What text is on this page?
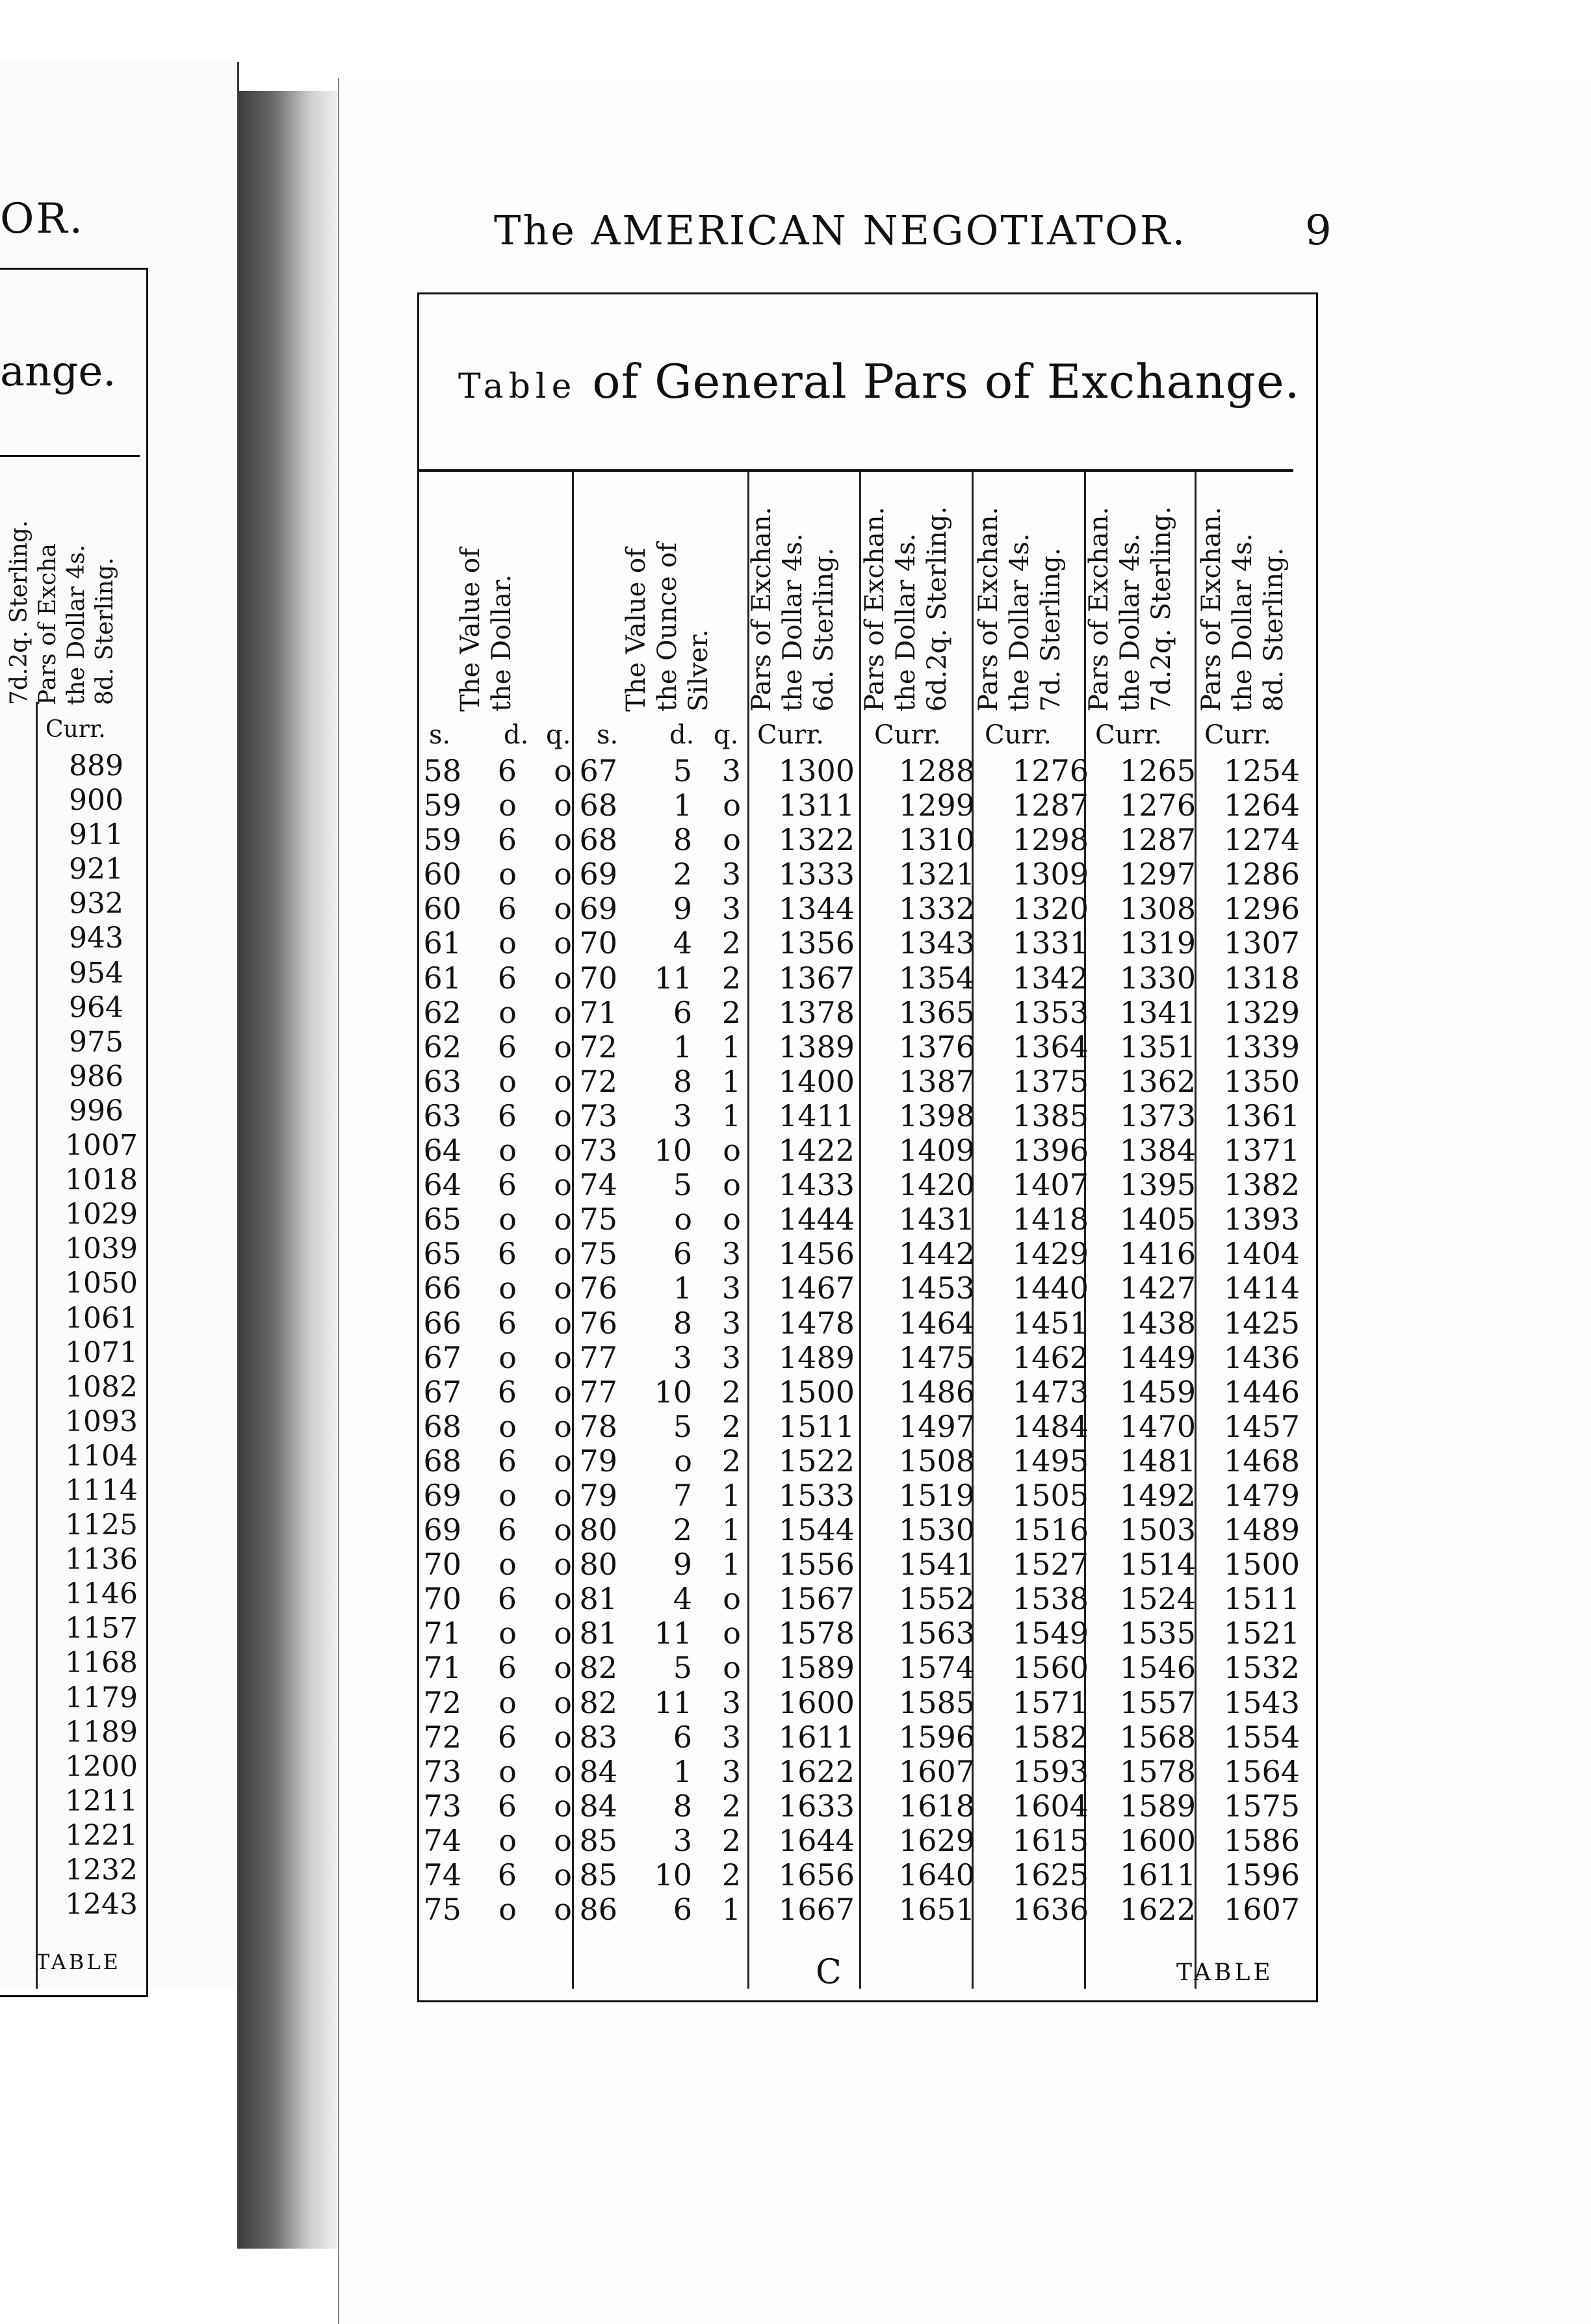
OR.
ange.
7d.2q. Sterling. Pars of Excha the Dollar 4s. 8d. Sterling.
Curr.
889
900
911
921
932
943
954
964
975
986
996
1007
1018
1029
1039
1050
1061
1071
1082
1093
1104
1114
1125
1136
1146
1157
1168
1179
1189
1200
1211
1221
1232
1243
TABLE
The AMERICAN NEGOTIATOR.	9
Table of General Pars of Exchange.
The Value of the Dollar.	The Value of the Ounce of Silver. Pars of Exchan. the Dollar 4s. 6d. Sterling. Pars of Exchan. the Dollar 4s. 6d.2q. Sterling. Pars of Exchan. the Dollar 4s. 7d. Sterling. Pars of Exchan. the Dollar 4s. 7d.2q. Sterling. Pars of Exchan. the Dollar 4s. 8d. Sterling.
s. d. q. s. d. q. Curr. Curr. Curr. Curr. Curr.
58	6 o 67	5 3	1300	1288	1276	1265 1254
59	o o 68	1 o	1311	1299	1287	1276 1264
59	6 o 68	8 o	1322	1310	1298	1287 1274
60	o o 69	2 3	1333	1321	1309	1297 1286
60	6 o 69	9 3	1344	1332	1320	1308 1296
61	o o 70	4 2	1356	1343	1331	1319 1307
61	6 o 70 11 2	1367	1354	1342	1330 1318
62	o o 71	6 2	1378	1365	1353	1341 1329
62	6 o 72	1 1	1389	1376	1364	1351 1339
63	o o 72	8 1	1400	1387	1375	1362 1350
63	6 o 73	3 1	1411	1398	1385	1373 1361
64	o o 73 10 o	1422	1409	1396	1384 1371
64	6 o 74	5 o	1433	1420	1407	1395 1382
65	o o 75	o o	1444	1431	1418	1405 1393
65	6 o 75	6 3	1456	1442	1429	1416 1404
66	o o 76	1 3	1467	1453	1440	1427 1414
66	6 o 76	8 3	1478	1464	1451	1438 1425
67	o o 77	3 3	1489	1475	1462	1449 1436
67	6 o 77 10 2	1500	1486	1473	1459 1446
68	o o 78	5 2	1511	1497	1484	1470 1457
68	6 o 79	o 2	1522	1508	1495	1481 1468
69	o o 79	7 1	1533	1519	1505	1492 1479
69	6 o 80	2 1	1544	1530	1516	1503 1489
70	o o 80	9 1	1556	1541	1527	1514 1500
70	6 o 81	4 o	1567	1552	1538	1524 1511
71	o o 81 11 o	1578	1563	1549	1535 1521
71	6 o 82	5 o	1589	1574	1560	1546 1532
72	o o 82 11 3	1600	1585	1571	1557 1543
72	6 o 83	6 3	1611	1596	1582	1568 1554
73	o o 84	1 3	1622	1607	1593	1578 1564
73	6 o 84	8 2	1633	1618	1604	1589 1575
74	o o 85	3 2	1644	1629	1615	1600 1586
74	6 o 85 10 2	1656	1640	1625	1611 1596
75	o o 86	6 1	1667	1651	1636	1622 1607
C	TABLE
